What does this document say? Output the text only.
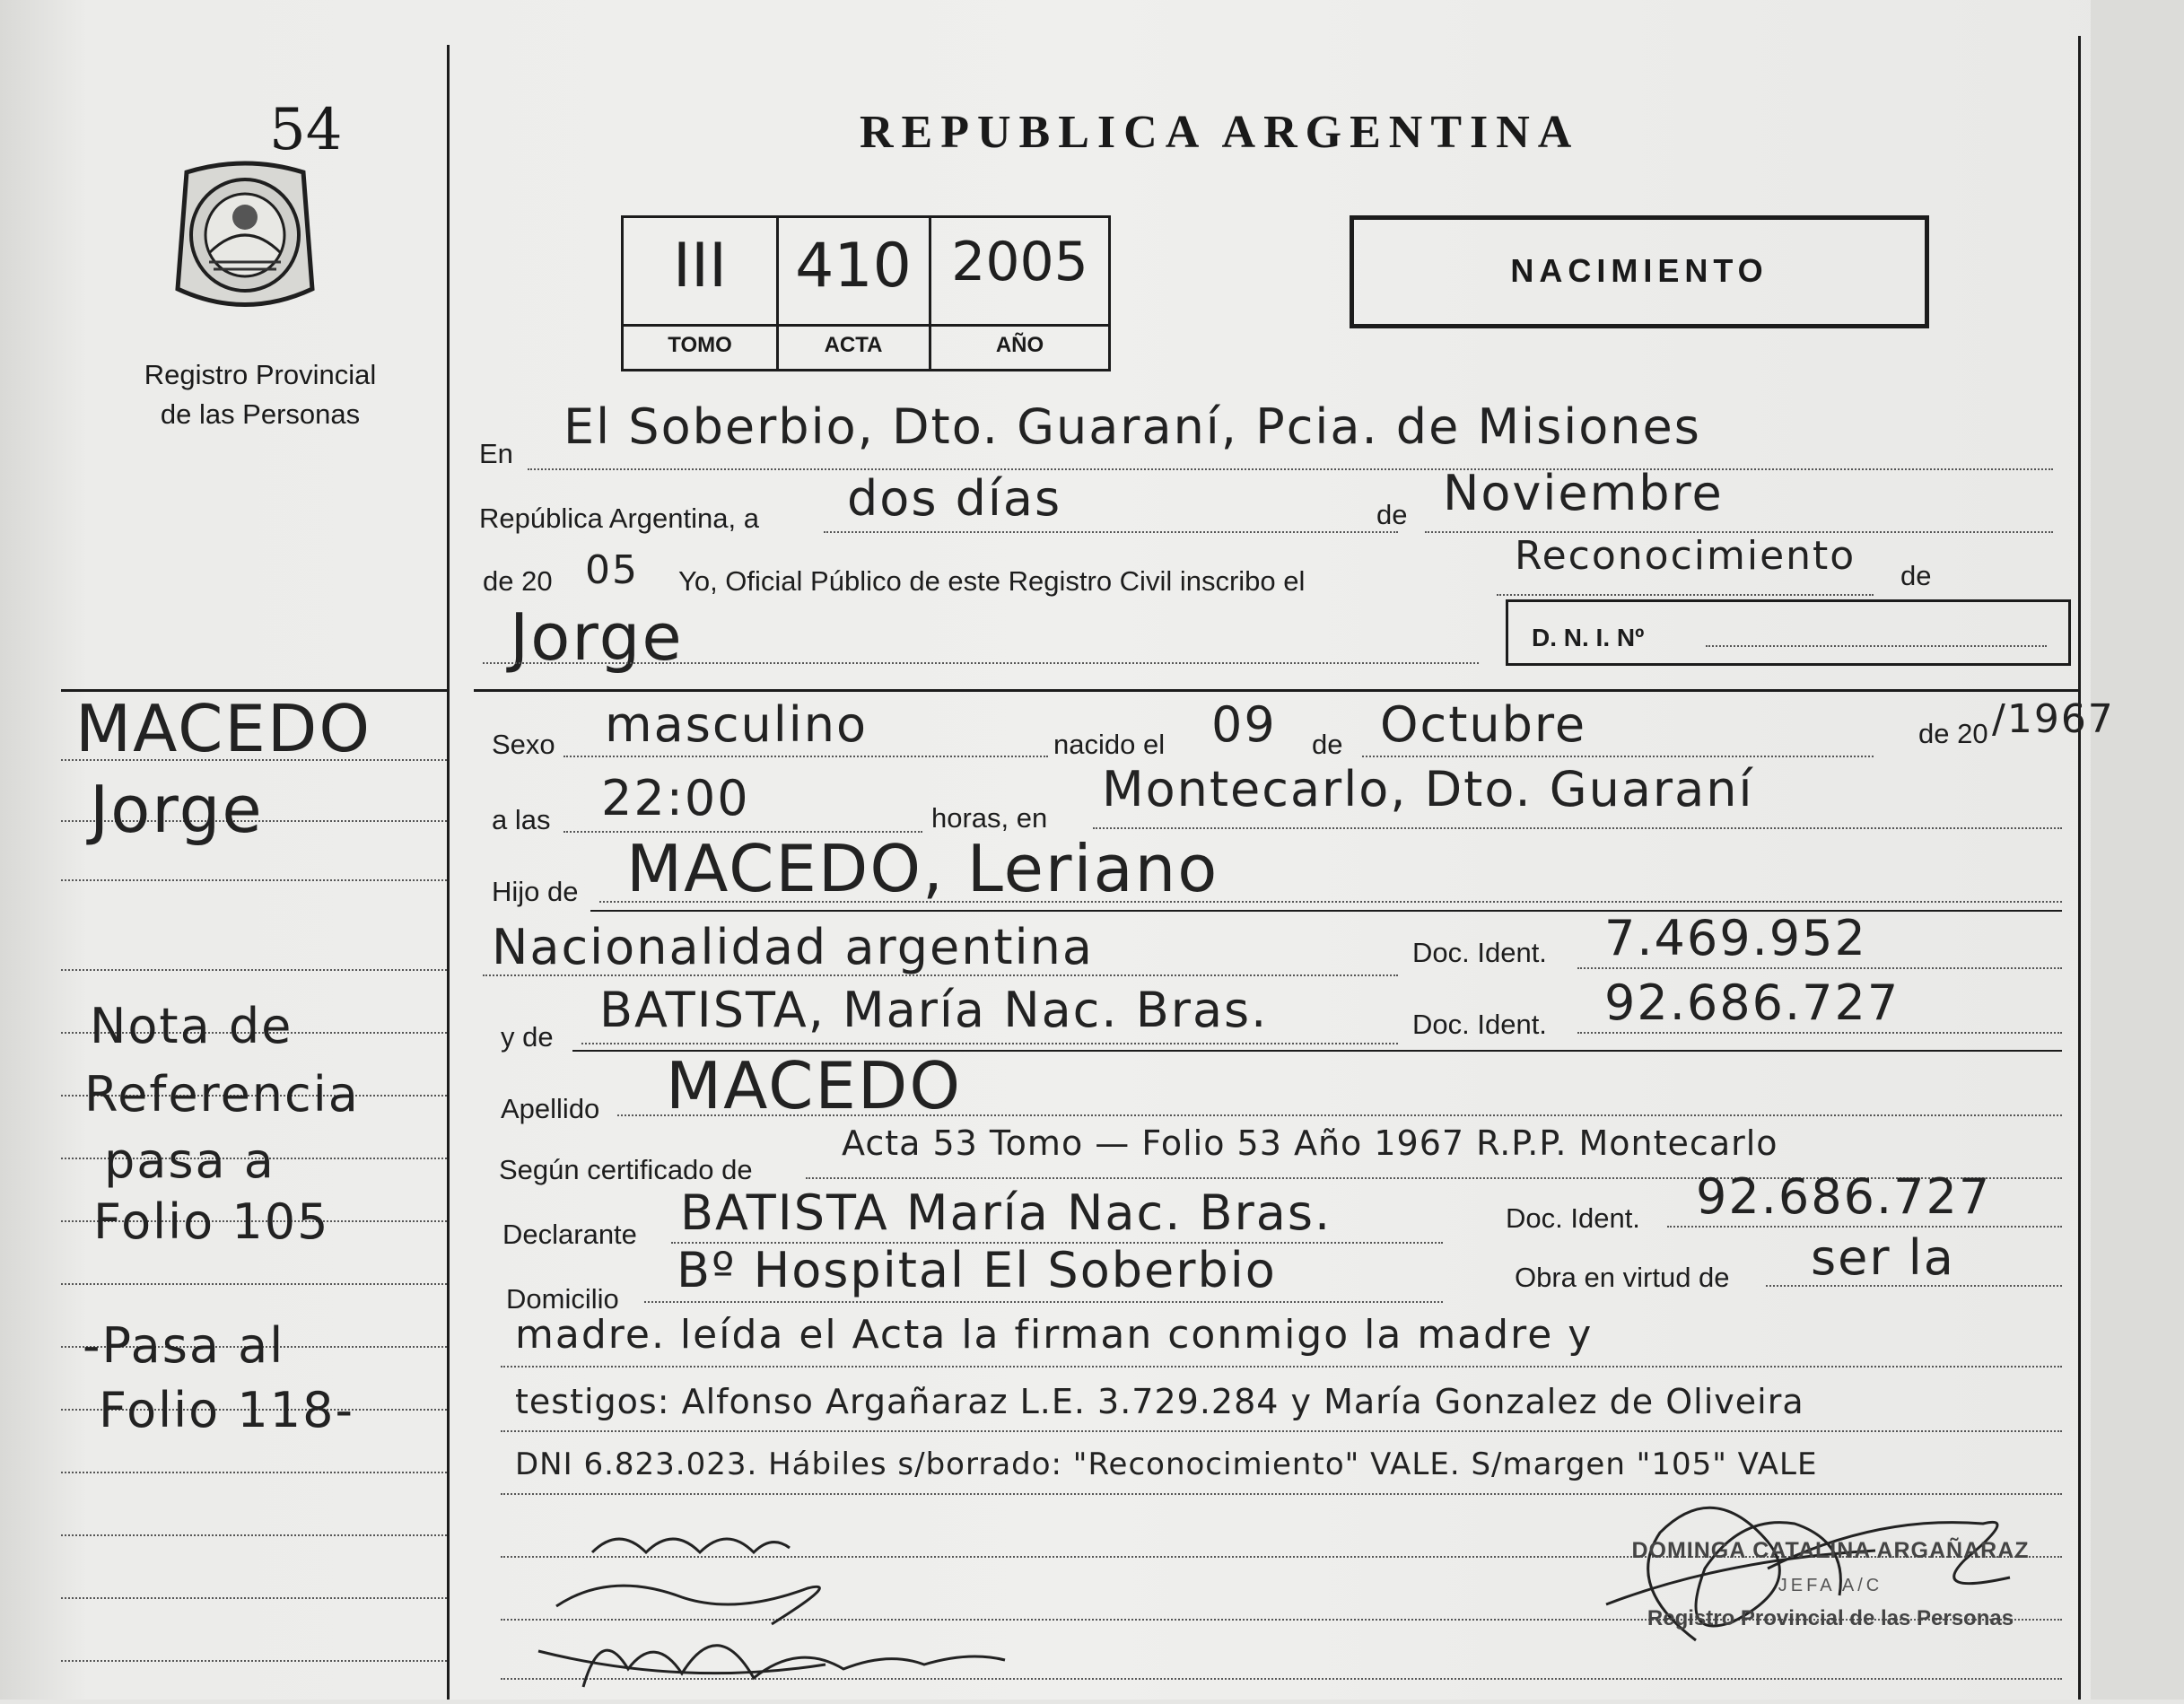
54
Registro Provincial
de las Personas
REPUBLICA ARGENTINA
III	410 2005
TOMO	ACTA	AÑO
NACIMIENTO
MACEDO
Jorge
Nota de
Referencia
pasa a
Folio 105
-Pasa al
Folio 118-
En El Soberbio, Dto. Guaraní, Pcia. de Misiones
República Argentina, a dos días	de Noviembre
de 20 05 Yo, Oficial Público de este Registro Civil inscribo el
Reconocimiento de
Jorge	D. N. I. Nº
Sexo masculino	nacido el 09 de Octubre	de 20 /1967
a las 22:00	horas, en
Montecarlo, Dto. Guaraní
Hijo de MACEDO, Leriano
Nacionalidad argentina	Doc. Ident. 7.469.952
y de BATISTA, María Nac. Bras.	Doc. Ident. 92.686.727
Apellido MACEDO
Según certificado de
Acta 53 Tomo — Folio 53 Año 1967 R.P.P. Montecarlo
Declarante BATISTA María Nac. Bras.	Doc. Ident. 92.686.727
Domicilio
Bº Hospital El Soberbio	Obra en virtud de ser la
madre. leída el Acta la firman conmigo la madre y
testigos: Alfonso Argañaraz L.E. 3.729.284 y María Gonzalez de Oliveira
DNI 6.823.023. Hábiles s/borrado: "Reconocimiento" VALE. S/margen "105" VALE
DOMINGA CATALINA ARGAÑARAZ
JEFA A/C
Registro Provincial de las Personas
